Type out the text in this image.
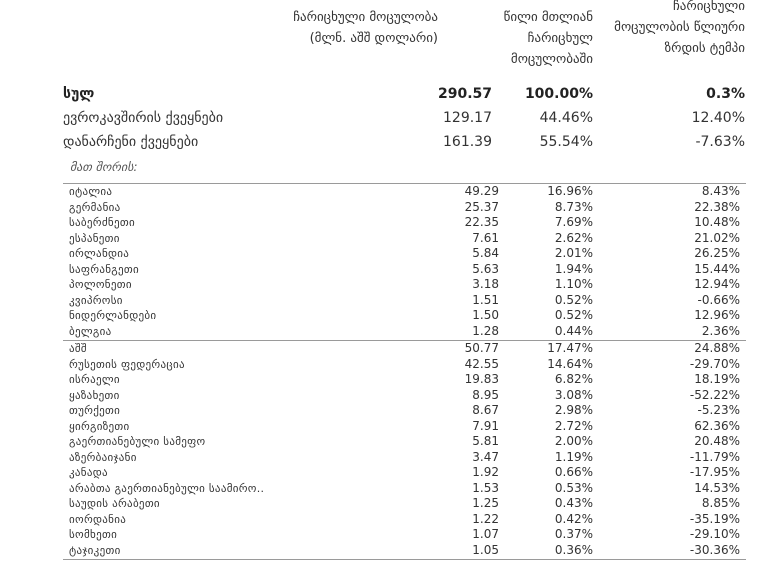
ჩარიცხული მოცულობა (მლნ. აშშ დოლარი)
წილი მთლიან ჩარიცხულ მოცულობაში
ჩარიცხული მოცულობის წლიური ზრდის ტემპი
სულ	290.57 100.00%	0.3%
ევროკავშირის ქვეყნები	129.17	44.46%	12.40%
დანარჩენი ქვეყნები	161.39	55.54%	-7.63%
მათ შორის:
იტალია	49.29	16.96%	8.43%
გერმანია	25.37	8.73%	22.38%
საბერძნეთი	22.35	7.69%	10.48%
ესპანეთი	7.61	2.62%	21.02%
ირლანდია	5.84	2.01%	26.25%
საფრანგეთი	5.63	1.94%	15.44%
პოლონეთი	3.18	1.10%	12.94%
კვიპროსი	1.51	0.52%	-0.66%
ნიდერლანდები	1.50	0.52%	12.96%
ბელგია	1.28	0.44%	2.36%
აშშ	50.77	17.47%	24.88%
რუსეთის ფედერაცია	42.55	14.64%	-29.70%
ისრაელი	19.83	6.82%	18.19%
ყაზახეთი	8.95	3.08%	-52.22%
თურქეთი	8.67	2.98%	-5.23%
ყირგიზეთი	7.91	2.72%	62.36%
გაერთიანებული სამეფო	5.81	2.00%	20.48%
აზერბაიჯანი	3.47	1.19%	-11.79%
კანადა	1.92	0.66%	-17.95%
არაბთა გაერთიანებული საამირო..	1.53	0.53%	14.53%
საუდის არაბეთი	1.25	0.43%	8.85%
იორდანია	1.22	0.42%	-35.19%
სომხეთი	1.07	0.37%	-29.10%
ტაჯიკეთი	1.05	0.36%	-30.36%
